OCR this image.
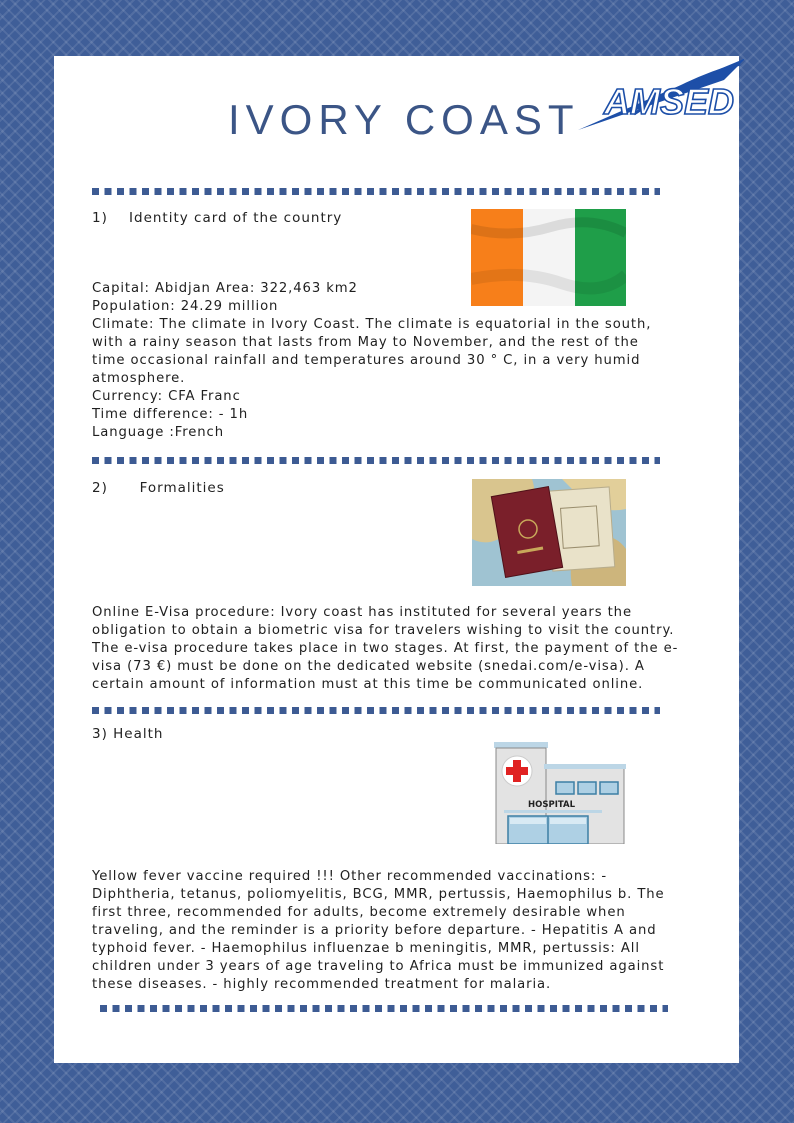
IVORY COAST AMSED

1)    Identity card of the country

Capital: Abidjan Area: 322,463 km2
Population: 24.29 million
Climate: The climate in Ivory Coast. The climate is equatorial in the south,
with a rainy season that lasts from May to November, and the rest of the
time occasional rainfall and temperatures around 30 ° C, in a very humid
atmosphere.
Currency: CFA Franc
Time difference: - 1h
Language :French

2)      Formalities

Online E-Visa procedure: Ivory coast has instituted for several years the
obligation to obtain a biometric visa for travelers wishing to visit the country.
The e-visa procedure takes place in two stages. At first, the payment of the e-
visa (73 €) must be done on the dedicated website (snedai.com/e-visa). A
certain amount of information must at this time be communicated online.

3) Health

HOSPITAL
Yellow fever vaccine required !!! Other recommended vaccinations: -
Diphtheria, tetanus, poliomyelitis, BCG, MMR, pertussis, Haemophilus b. The
first three, recommended for adults, become extremely desirable when
traveling, and the reminder is a priority before departure. - Hepatitis A and
typhoid fever. - Haemophilus influenzae b meningitis, MMR, pertussis: All
children under 3 years of age traveling to Africa must be immunized against
these diseases. - highly recommended treatment for malaria.
